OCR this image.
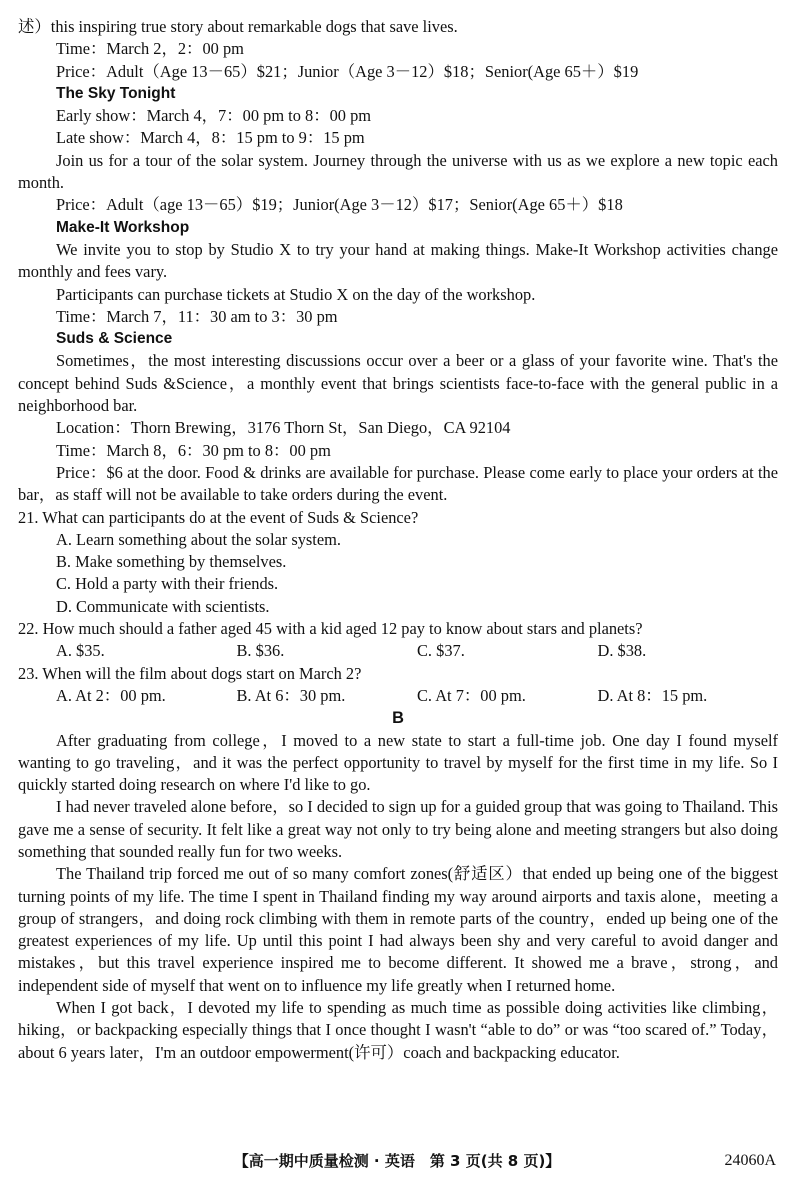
述）this inspiring true story about remarkable dogs that save lives.

Time：March 2，2：00 pm

Price：Adult（Age 13－65）$21；Junior（Age 3－12）$18；Senior(Age 65＋）$19

The Sky Tonight

Early show：March 4，7：00 pm to 8：00 pm

Late show：March 4，8：15 pm to 9：15 pm

Join us for a tour of the solar system. Journey through the universe with us as we explore a new topic each month.

Price：Adult（age 13－65）$19；Junior(Age 3－12）$17；Senior(Age 65＋）$18

Make-It Workshop

We invite you to stop by Studio X to try your hand at making things. Make-It Workshop activities change monthly and fees vary.

Participants can purchase tickets at Studio X on the day of the workshop.

Time：March 7，11：30 am to 3：30 pm

Suds & Science

Sometimes，the most interesting discussions occur over a beer or a glass of your favorite wine. That's the concept behind Suds &Science，a monthly event that brings scientists face-to-face with the general public in a neighborhood bar.

Location：Thorn Brewing，3176 Thorn St，San Diego，CA 92104

Time：March 8，6：30 pm to 8：00 pm

Price：$6 at the door. Food & drinks are available for purchase. Please come early to place your orders at the bar，as staff will not be available to take orders during the event.

21. What can participants do at the event of Suds & Science?

A. Learn something about the solar system.

B. Make something by themselves.

C. Hold a party with their friends.

D. Communicate with scientists.

22. How much should a father aged 45 with a kid aged 12 pay to know about stars and planets?

A. $35.	B. $36.	C. $37.	D. $38.

23. When will the film about dogs start on March 2?

A. At 2：00 pm.	B. At 6：30 pm.	C. At 7：00 pm.	D. At 8：15 pm.

B

After graduating from college，I moved to a new state to start a full-time job. One day I found myself wanting to go traveling，and it was the perfect opportunity to travel by myself for the first time in my life. So I quickly started doing research on where I'd like to go.

I had never traveled alone before，so I decided to sign up for a guided group that was going to Thailand. This gave me a sense of security. It felt like a great way not only to try being alone and meeting strangers but also doing something that sounded really fun for two weeks.

The Thailand trip forced me out of so many comfort zones(舒适区）that ended up being one of the biggest turning points of my life. The time I spent in Thailand finding my way around airports and taxis alone，meeting a group of strangers，and doing rock climbing with them in remote parts of the country，ended up being one of the greatest experiences of my life. Up until this point I had always been shy and very careful to avoid danger and mistakes，but this travel experience inspired me to become different. It showed me a brave，strong，and independent side of myself that went on to influence my life greatly when I returned home.

When I got back，I devoted my life to spending as much time as possible doing activities like climbing，hiking，or backpacking especially things that I once thought I wasn't “able to do” or was “too scared of.” Today，about 6 years later，I'm an outdoor empowerment(许可）coach and backpacking educator.

【高一期中质量检测 · 英语　第 3 页(共 8 页)】	24060A
